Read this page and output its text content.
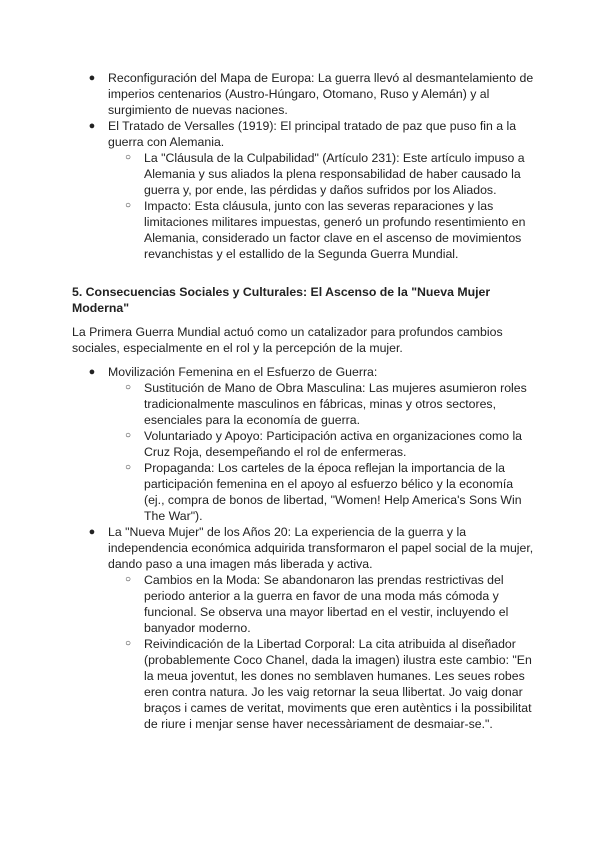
● Reconfiguración del Mapa de Europa: La guerra llevó al desmantelamiento de imperios centenarios (Austro-Húngaro, Otomano, Ruso y Alemán) y al surgimiento de nuevas naciones.
● El Tratado de Versalles (1919): El principal tratado de paz que puso fin a la guerra con Alemania.
○ La "Cláusula de la Culpabilidad" (Artículo 231): Este artículo impuso a Alemania y sus aliados la plena responsabilidad de haber causado la guerra y, por ende, las pérdidas y daños sufridos por los Aliados.
○ Impacto: Esta cláusula, junto con las severas reparaciones y las limitaciones militares impuestas, generó un profundo resentimiento en Alemania, considerado un factor clave en el ascenso de movimientos revanchistas y el estallido de la Segunda Guerra Mundial.
5. Consecuencias Sociales y Culturales: El Ascenso de la "Nueva Mujer Moderna"
La Primera Guerra Mundial actuó como un catalizador para profundos cambios sociales, especialmente en el rol y la percepción de la mujer.
● Movilización Femenina en el Esfuerzo de Guerra:
○ Sustitución de Mano de Obra Masculina: Las mujeres asumieron roles tradicionalmente masculinos en fábricas, minas y otros sectores, esenciales para la economía de guerra.
○ Voluntariado y Apoyo: Participación activa en organizaciones como la Cruz Roja, desempeñando el rol de enfermeras.
○ Propaganda: Los carteles de la época reflejan la importancia de la participación femenina en el apoyo al esfuerzo bélico y la economía (ej., compra de bonos de libertad, "Women! Help America's Sons Win The War").
● La "Nueva Mujer" de los Años 20: La experiencia de la guerra y la independencia económica adquirida transformaron el papel social de la mujer, dando paso a una imagen más liberada y activa.
○ Cambios en la Moda: Se abandonaron las prendas restrictivas del periodo anterior a la guerra en favor de una moda más cómoda y funcional. Se observa una mayor libertad en el vestir, incluyendo el banyador moderno.
○ Reivindicación de la Libertad Corporal: La cita atribuida al diseñador (probablemente Coco Chanel, dada la imagen) ilustra este cambio: "En la meua joventut, les dones no semblaven humanes. Les seues robes eren contra natura. Jo les vaig retornar la seua llibertat. Jo vaig donar braços i cames de veritat, moviments que eren autèntics i la possibilitat de riure i menjar sense haver necessàriament de desmaiar-se.".
